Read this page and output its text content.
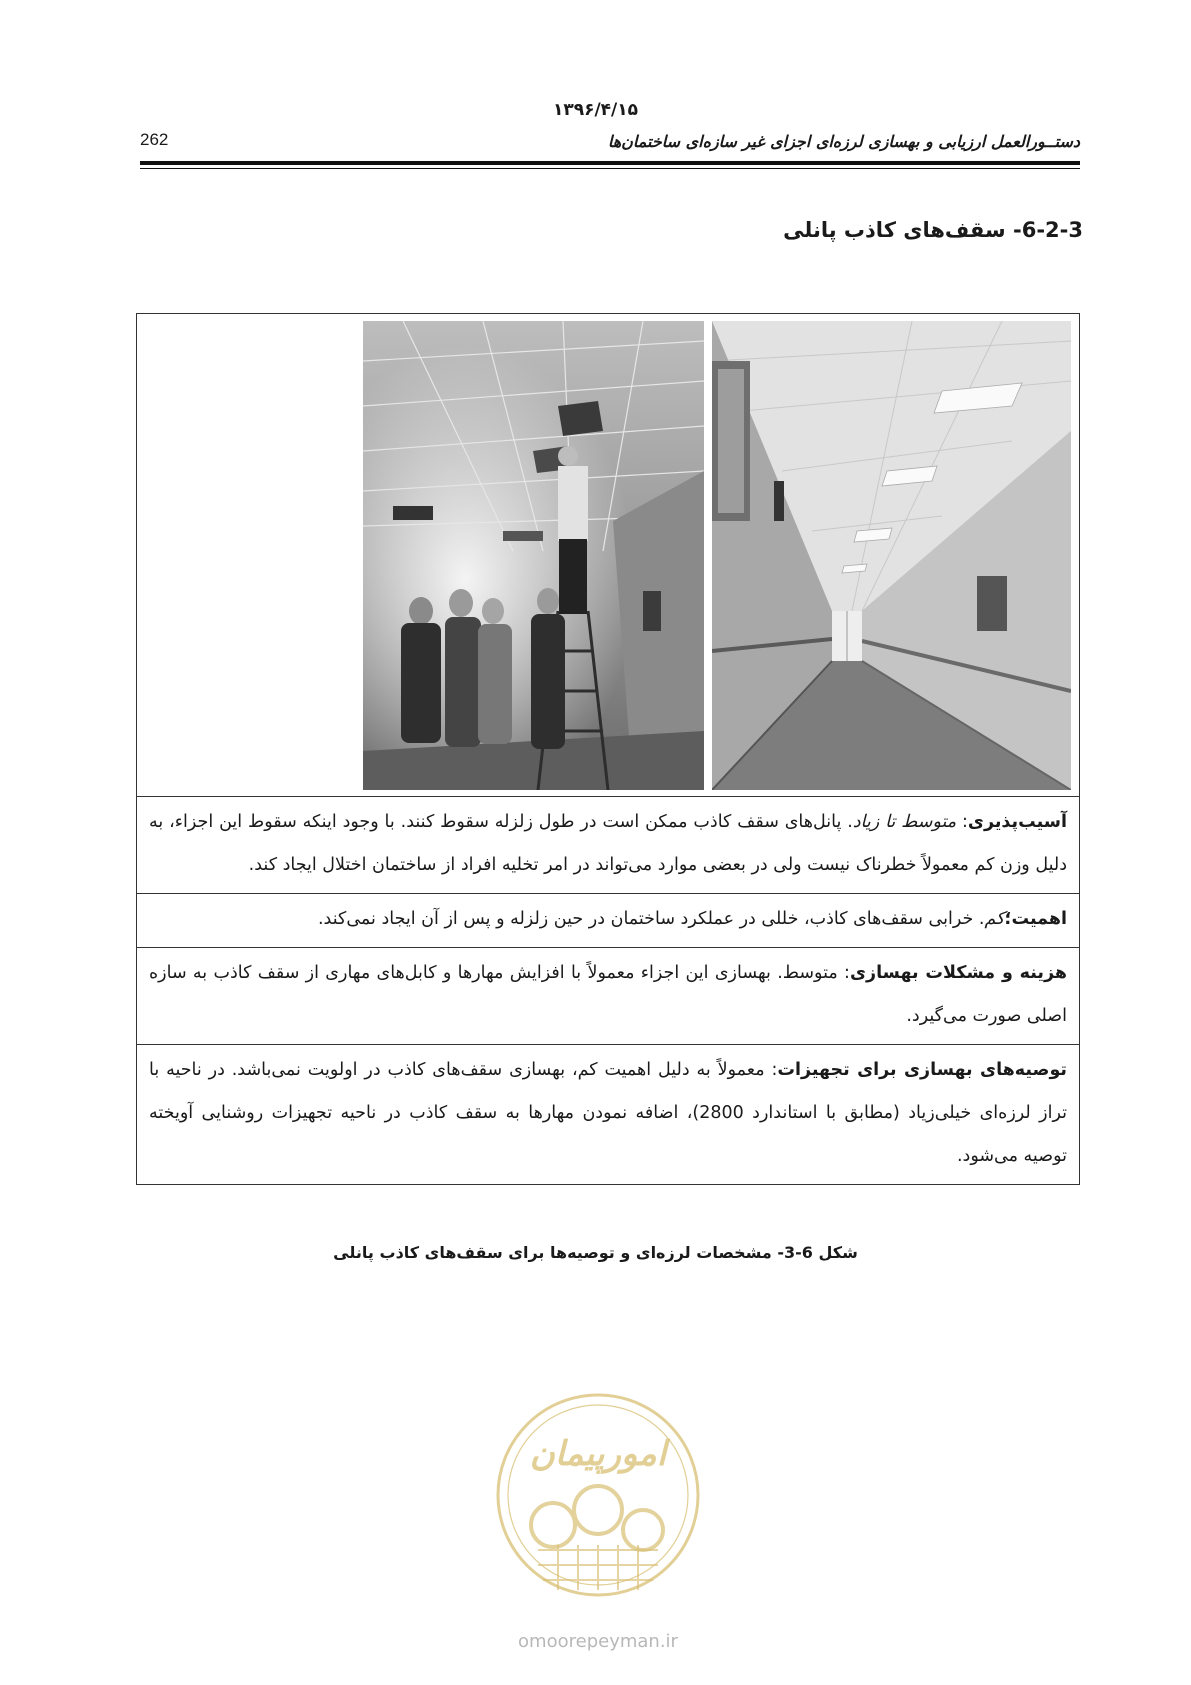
۱۳۹۶/۴/۱۵
دستــورالعمل ارزیابی و بهسازی لرزه‌ای اجزای غیر سازه‌ای ساختمان‌ها
262
6-2-3- سقف‌های کاذب پانلی
آسیب‌پذیری: متوسط تا زیاد. پانل‌های سقف کاذب ممکن است در طول زلزله سقوط کنند. با وجود اینکه سقوط این اجزاء، به دلیل وزن کم معمولاً خطرناک نیست ولی در بعضی موارد می‌تواند در امر تخلیه افراد از ساختمان اختلال ایجاد کند.
اهمیت؛کم. خرابی سقف‌های کاذب، خللی در عملکرد ساختمان در حین زلزله و پس از آن ایجاد نمی‌کند.
هزینه و مشکلات بهسازی: متوسط. بهسازی این اجزاء معمولاً با افزایش مهارها و کابل‌های مهاری از سقف کاذب به سازه اصلی صورت می‌گیرد.
توصیه‌های بهسازی برای تجهیزات: معمولاً به دلیل اهمیت کم، بهسازی سقف‌های کاذب در اولویت نمی‌باشد. در ناحیه با تراز لرزه‌ای خیلی‌زیاد (مطابق با استاندارد 2800)، اضافه نمودن مهارها به سقف کاذب در ناحیه تجهیزات روشنایی آویخته توصیه می‌شود.
شکل 6-3- مشخصات لرزه‌ای و توصیه‌ها برای سقف‌های کاذب پانلی
امورپیمان
omoorepeyman.ir
